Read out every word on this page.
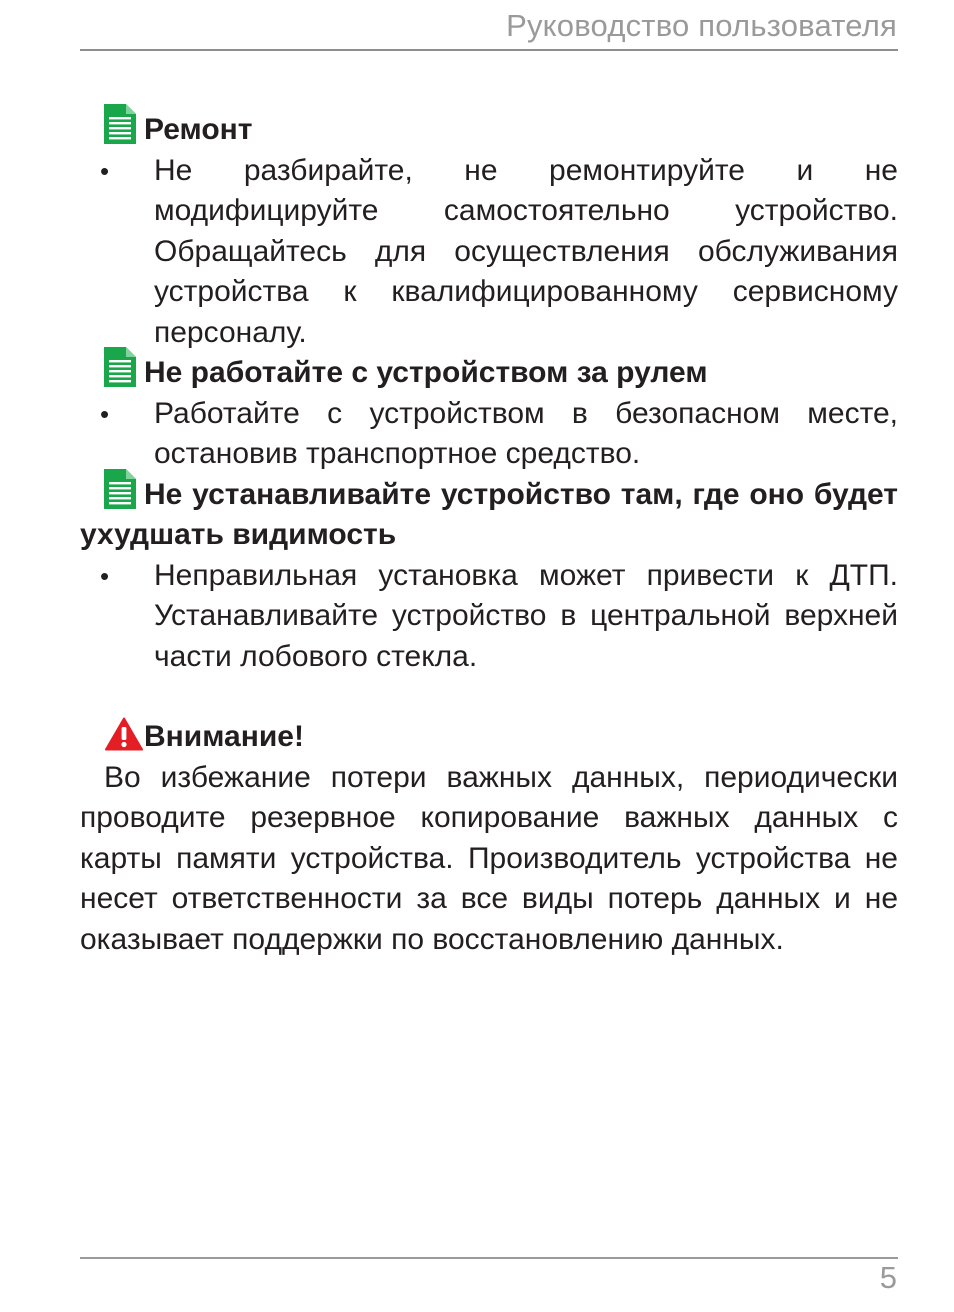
Руководство пользователя

Ремонт

• Не разбирайте, не ремонтируйте и не модифицируйте самостоятельно устройство. Обращайтесь для осуществления обслуживания устройства к квалифицированному сервисному персоналу.

Не работайте с устройством за рулем

• Работайте с устройством в безопасном месте, остановив транспортное средство.

Не устанавливайте устройство там, где оно будет ухудшать видимость

• Неправильная установка может привести к ДТП. Устанавливайте устройство в центральной верхней части лобового стекла.

Внимание!

Во избежание потери важных данных, периодически проводите резервное копирование важных данных с карты памяти устройства. Производитель устройства не несет ответственности за все виды потерь данных и не оказывает поддержки по восстановлению данных.

5
